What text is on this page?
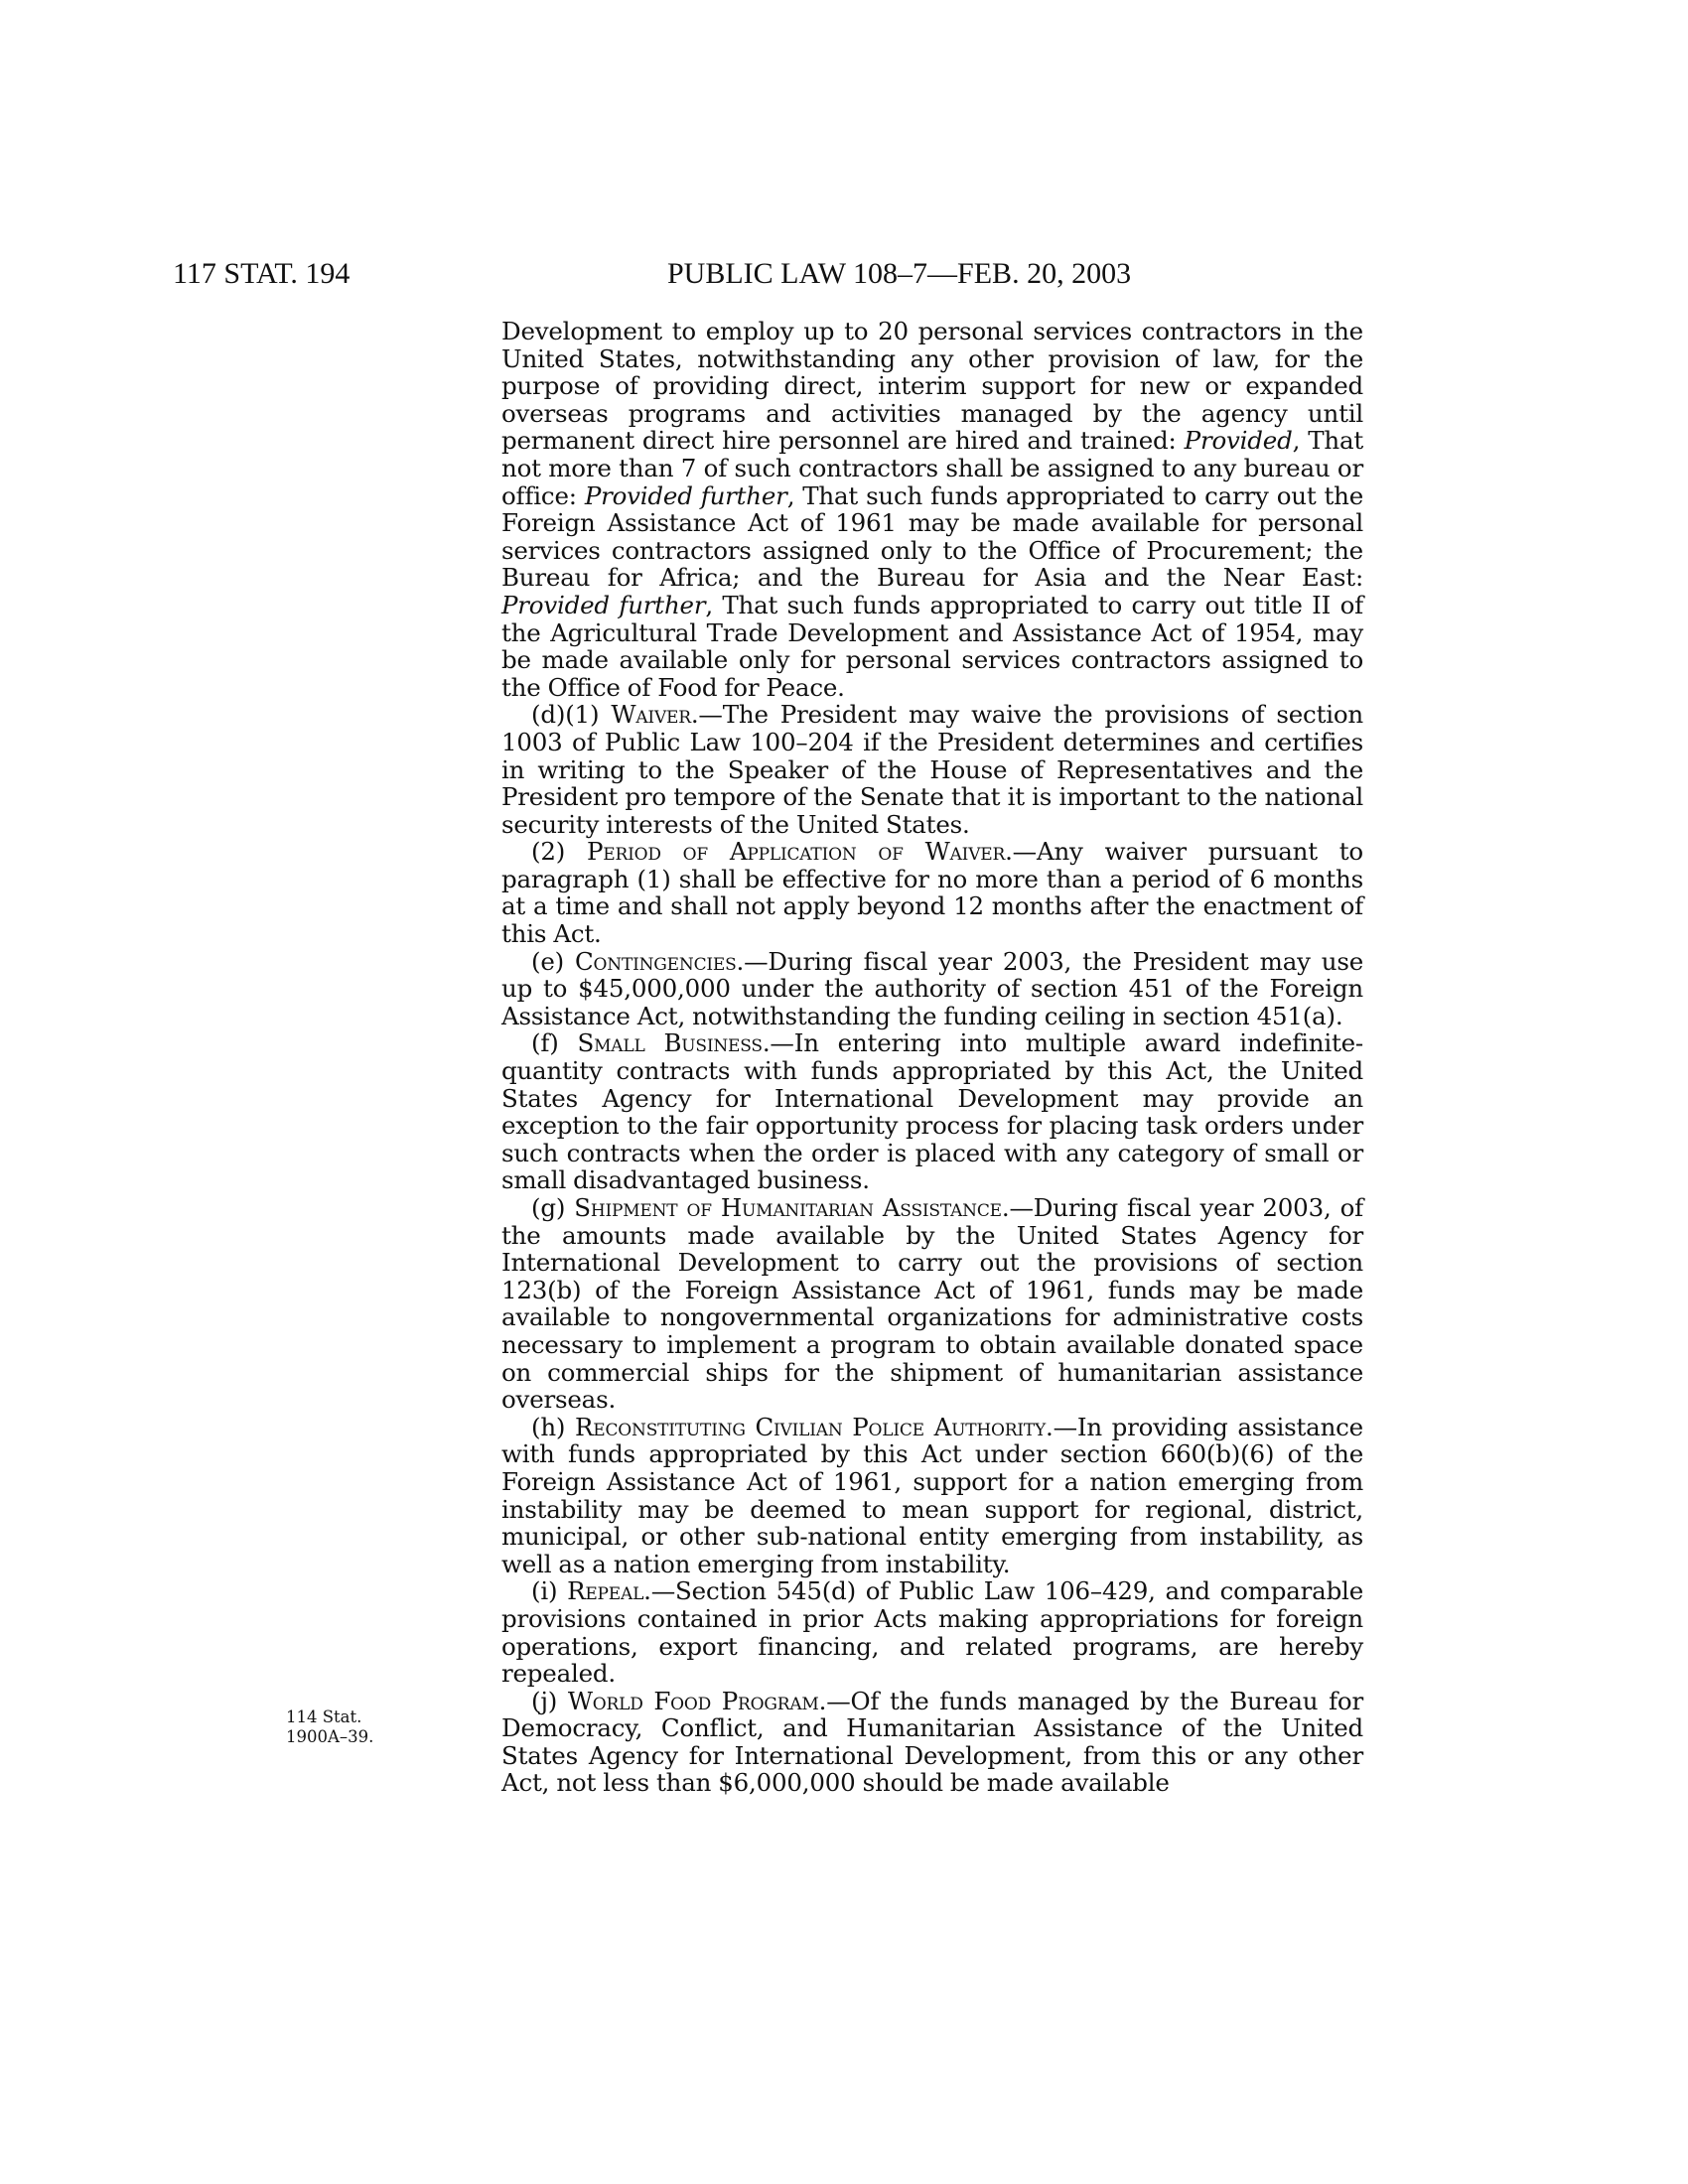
117 STAT. 194	PUBLIC LAW 108–7—FEB. 20, 2003

Development to employ up to 20 personal services contractors in the United States, notwithstanding any other provision of law, for the purpose of providing direct, interim support for new or expanded overseas programs and activities managed by the agency until permanent direct hire personnel are hired and trained: Provided, That not more than 7 of such contractors shall be assigned to any bureau or office: Provided further, That such funds appropriated to carry out the Foreign Assistance Act of 1961 may be made available for personal services contractors assigned only to the Office of Procurement; the Bureau for Africa; and the Bureau for Asia and the Near East: Provided further, That such funds appropriated to carry out title II of the Agricultural Trade Development and Assistance Act of 1954, may be made available only for personal services contractors assigned to the Office of Food for Peace.

(d)(1) Waiver.—The President may waive the provisions of section 1003 of Public Law 100–204 if the President determines and certifies in writing to the Speaker of the House of Representatives and the President pro tempore of the Senate that it is important to the national security interests of the United States.

(2) Period of Application of Waiver.—Any waiver pursuant to paragraph (1) shall be effective for no more than a period of 6 months at a time and shall not apply beyond 12 months after the enactment of this Act.

(e) Contingencies.—During fiscal year 2003, the President may use up to $45,000,000 under the authority of section 451 of the Foreign Assistance Act, notwithstanding the funding ceiling in section 451(a).

(f) Small Business.—In entering into multiple award indefinite-quantity contracts with funds appropriated by this Act, the United States Agency for International Development may provide an exception to the fair opportunity process for placing task orders under such contracts when the order is placed with any category of small or small disadvantaged business.

(g) Shipment of Humanitarian Assistance.—During fiscal year 2003, of the amounts made available by the United States Agency for International Development to carry out the provisions of section 123(b) of the Foreign Assistance Act of 1961, funds may be made available to nongovernmental organizations for administrative costs necessary to implement a program to obtain available donated space on commercial ships for the shipment of humanitarian assistance overseas.

(h) Reconstituting Civilian Police Authority.—In providing assistance with funds appropriated by this Act under section 660(b)(6) of the Foreign Assistance Act of 1961, support for a nation emerging from instability may be deemed to mean support for regional, district, municipal, or other sub-national entity emerging from instability, as well as a nation emerging from instability.

(i) Repeal.—Section 545(d) of Public Law 106–429, and comparable provisions contained in prior Acts making appropriations for foreign operations, export financing, and related programs, are hereby repealed.

(j) World Food Program.—Of the funds managed by the Bureau for Democracy, Conflict, and Humanitarian Assistance of the United States Agency for International Development, from this or any other Act, not less than $6,000,000 should be made available

114 Stat.
1900A–39.
